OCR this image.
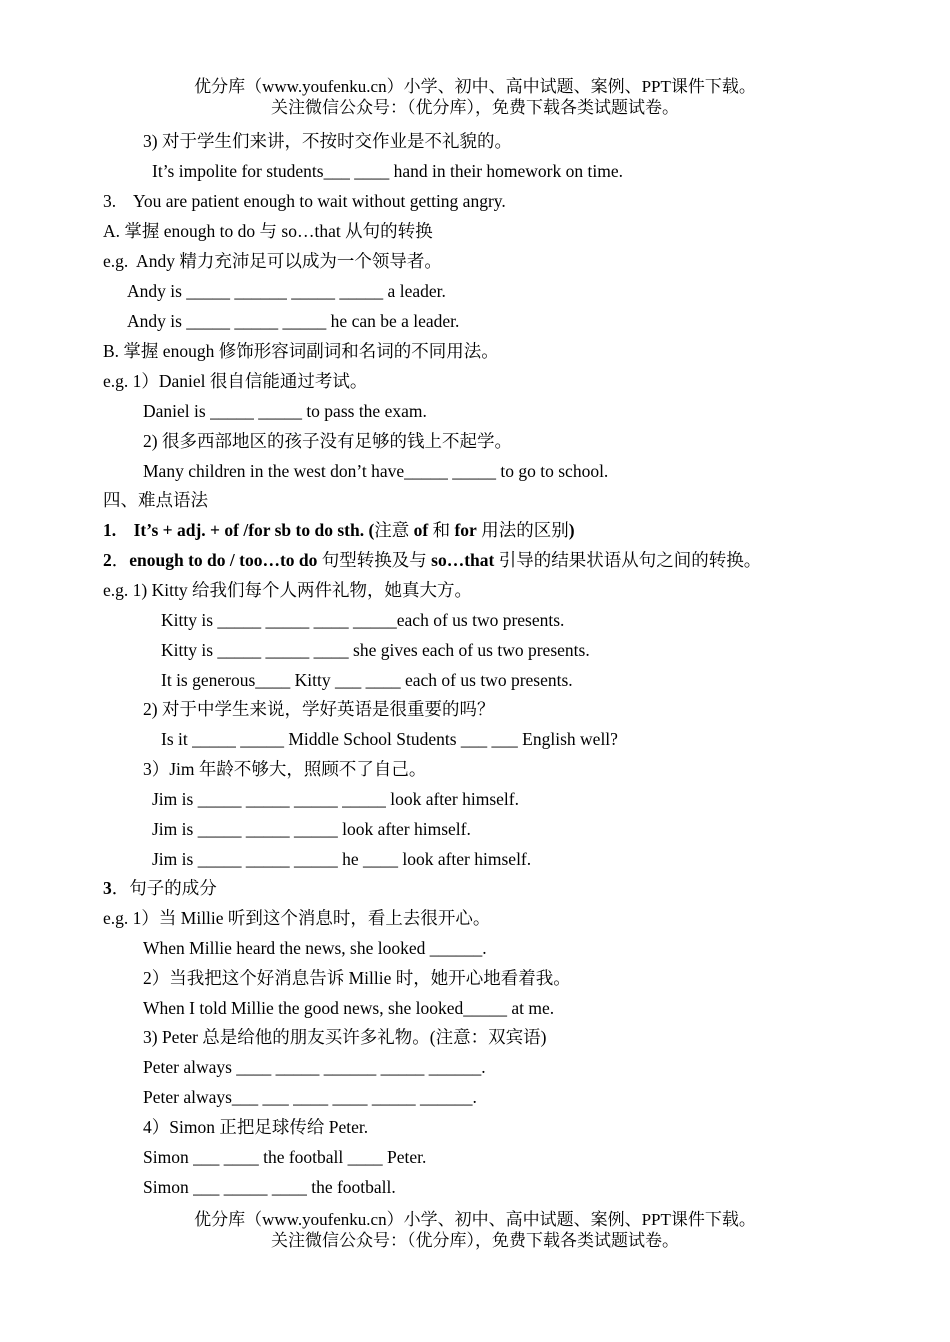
优分库（www.youfenku.cn）小学、初中、高中试题、案例、PPT课件下载。
关注微信公众号：（优分库），免费下载各类试题试卷。
3) 对于学生们来讲，不按时交作业是不礼貌的。
It’s impolite for students___ ____ hand in their homework on time.
3.    You are patient enough to wait without getting angry.
A. 掌握 enough to do 与 so…that 从句的转换
e.g.  Andy 精力充沛足可以成为一个领导者。
Andy is _____ ______ _____ _____ a leader.
Andy is _____ _____ _____ he can be a leader.
B. 掌握 enough 修饰形容词副词和名词的不同用法。
e.g. 1）Daniel 很自信能通过考试。
Daniel is _____ _____ to pass the exam.
2) 很多西部地区的孩子没有足够的钱上不起学。
Many children in the west don’t have_____ _____ to go to school.
四、难点语法
1. It’s + adj. + of /for sb to do sth. (注意 of 和 for 用法的区别)
2．enough to do / too…to do 句型转换及与 so…that 引导的结果状语从句之间的转换。
e.g. 1) Kitty 给我们每个人两件礼物，她真大方。
Kitty is _____ _____ ____ _____each of us two presents.
Kitty is _____ _____ ____ she gives each of us two presents.
It is generous____ Kitty ___ ____ each of us two presents.
2) 对于中学生来说，学好英语是很重要的吗？
Is it _____ _____ Middle School Students ___ ___ English well?
3）Jim 年龄不够大，照顾不了自己。
Jim is _____ _____ _____ _____ look after himself.
Jim is _____ _____ _____ look after himself.
Jim is _____ _____ _____ he ____ look after himself.
3．句子的成分
e.g. 1）当 Millie 听到这个消息时，看上去很开心。
When Millie heard the news, she looked ______.
2）当我把这个好消息告诉 Millie 时，她开心地看着我。
When I told Millie the good news, she looked_____ at me.
3) Peter 总是给他的朋友买许多礼物。(注意：双宾语)
Peter always ____ _____ ______ _____ ______.
Peter always___ ___ ____ ____ _____ ______.
4）Simon 正把足球传给 Peter.
Simon ___ ____ the football ____ Peter.
Simon ___ _____ ____ the football.
优分库（www.youfenku.cn）小学、初中、高中试题、案例、PPT课件下载。
关注微信公众号：（优分库），免费下载各类试题试卷。
